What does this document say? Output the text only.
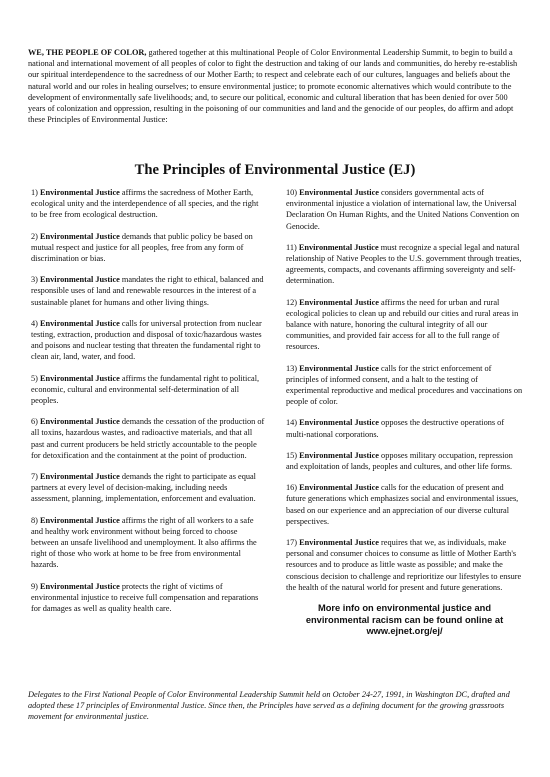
WE, THE PEOPLE OF COLOR, gathered together at this multinational People of Color Environmental Leadership Summit, to begin to build a national and international movement of all peoples of color to fight the destruction and taking of our lands and communities, do hereby re-establish our spiritual interdependence to the sacredness of our Mother Earth; to respect and celebrate each of our cultures, languages and beliefs about the natural world and our roles in healing ourselves; to ensure environmental justice; to promote economic alternatives which would contribute to the development of environmentally safe livelihoods; and, to secure our political, economic and cultural liberation that has been denied for over 500 years of colonization and oppression, resulting in the poisoning of our communities and land and the genocide of our peoples, do affirm and adopt these Principles of Environmental Justice:
The Principles of Environmental Justice (EJ)

1) Environmental Justice affirms the sacredness of Mother Earth, ecological unity and the interdependence of all species, and the right to be free from ecological destruction.

2) Environmental Justice demands that public policy be based on mutual respect and justice for all peoples, free from any form of discrimination or bias.

3) Environmental Justice mandates the right to ethical, balanced and responsible uses of land and renewable resources in the interest of a sustainable planet for humans and other living things.

4) Environmental Justice calls for universal protection from nuclear testing, extraction, production and disposal of toxic/hazardous wastes and poisons and nuclear testing that threaten the fundamental right to clean air, land, water, and food.

5) Environmental Justice affirms the fundamental right to political, economic, cultural and environmental self-determination of all peoples.

6) Environmental Justice demands the cessation of the production of all toxins, hazardous wastes, and radioactive materials, and that all past and current producers be held strictly accountable to the people for detoxification and the containment at the point of production.

7) Environmental Justice demands the right to participate as equal partners at every level of decision-making, including needs assessment, planning, implementation, enforcement and evaluation.

8) Environmental Justice affirms the right of all workers to a safe and healthy work environment without being forced to choose between an unsafe livelihood and unemployment. It also affirms the right of those who work at home to be free from environmental hazards.

9) Environmental Justice protects the right of victims of environmental injustice to receive full compensation and reparations for damages as well as quality health care.

10) Environmental Justice considers governmental acts of environmental injustice a violation of international law, the Universal Declaration On Human Rights, and the United Nations Convention on Genocide.

11) Environmental Justice must recognize a special legal and natural relationship of Native Peoples to the U.S. government through treaties, agreements, compacts, and covenants affirming sovereignty and self-determination.

12) Environmental Justice affirms the need for urban and rural ecological policies to clean up and rebuild our cities and rural areas in balance with nature, honoring the cultural integrity of all our communities, and provided fair access for all to the full range of resources.

13) Environmental Justice calls for the strict enforcement of principles of informed consent, and a halt to the testing of experimental reproductive and medical procedures and vaccinations on people of color.

14) Environmental Justice opposes the destructive operations of multi-national corporations.

15) Environmental Justice opposes military occupation, repression and exploitation of lands, peoples and cultures, and other life forms.

16) Environmental Justice calls for the education of present and future generations which emphasizes social and environmental issues, based on our experience and an appreciation of our diverse cultural perspectives.

17) Environmental Justice requires that we, as individuals, make personal and consumer choices to consume as little of Mother Earth's resources and to produce as little waste as possible; and make the conscious decision to challenge and reprioritize our lifestyles to ensure the health of the natural world for present and future generations.

More info on environmental justice and
environmental racism can be found online at
www.ejnet.org/ej/
Delegates to the First National People of Color Environmental Leadership Summit held on October 24-27, 1991, in Washington DC, drafted and adopted these 17 principles of Environmental Justice. Since then, the Principles have served as a defining document for the growing grassroots movement for environmental justice.
